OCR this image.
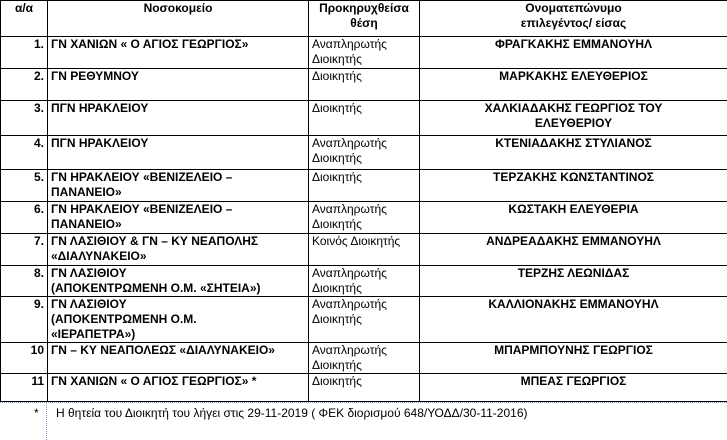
α/α	Νοσοκομείο	Προκηρυχθείσα
θέση	Ονοματεπώνυμο
επιλεγέντος/ είσας

1.	ΓΝ ΧΑΝΙΩΝ « Ο ΑΓΙΟΣ ΓΕΩΡΓΙΟΣ»	Αναπληρωτής
Διοικητής	ΦΡΑΓΚΑΚΗΣ ΕΜΜΑΝΟΥΗΛ

2.	ΓΝ ΡΕΘΥΜΝΟΥ	Διοικητής	ΜΑΡΚΑΚΗΣ ΕΛΕΥΘΕΡΙΟΣ

3.	ΠΓΝ ΗΡΑΚΛΕΙΟΥ	Διοικητής	ΧΑΛΚΙΑΔΑΚΗΣ ΓΕΩΡΓΙΟΣ ΤΟΥ
ΕΛΕΥΘΕΡΙΟΥ

4.	ΠΓΝ ΗΡΑΚΛΕΙΟΥ	Αναπληρωτής
Διοικητής	ΚΤΕΝΙΑΔΑΚΗΣ ΣΤΥΛΙΑΝΟΣ

5.	ΓΝ ΗΡΑΚΛΕΙΟΥ «ΒΕΝΙΖΕΛΕΙΟ –
ΠΑΝΑΝΕΙΟ»	Διοικητής	ΤΕΡΖΑΚΗΣ ΚΩΝΣΤΑΝΤΙΝΟΣ

6.	ΓΝ ΗΡΑΚΛΕΙΟΥ «ΒΕΝΙΖΕΛΕΙΟ –
ΠΑΝΑΝΕΙΟ»	Αναπληρωτής
Διοικητής	ΚΩΣΤΑΚΗ ΕΛΕΥΘΕΡΙΑ

7.	ΓΝ ΛΑΣΙΘΙΟΥ & ΓΝ – ΚΥ ΝΕΑΠΟΛΗΣ
«ΔΙΑΛΥΝΑΚΕΙΟ»	Κοινός Διοικητής	ΑΝΔΡΕΑΔΑΚΗΣ ΕΜΜΑΝΟΥΗΛ

8.	ΓΝ ΛΑΣΙΘΙΟΥ
(ΑΠΟΚΕΝΤΡΩΜΕΝΗ Ο.Μ. «ΣΗΤΕΙΑ»)	Αναπληρωτής
Διοικητής	ΤΕΡΖΗΣ ΛΕΩΝΙΔΑΣ

9.	ΓΝ ΛΑΣΙΘΙΟΥ
(ΑΠΟΚΕΝΤΡΩΜΕΝΗ Ο.Μ.
«ΙΕΡΑΠΕΤΡΑ»)	Αναπληρωτής
Διοικητής	ΚΑΛΛΙΟΝΑΚΗΣ ΕΜΜΑΝΟΥΗΛ

10	ΓΝ – ΚΥ ΝΕΑΠΟΛΕΩΣ «ΔΙΑΛΥΝΑΚΕΙΟ»	Αναπληρωτής
Διοικητής	ΜΠΑΡΜΠΟΥΝΗΣ ΓΕΩΡΓΙΟΣ

11	ΓΝ ΧΑΝΙΩΝ « Ο ΑΓΙΟΣ ΓΕΩΡΓΙΟΣ» *	Διοικητής	ΜΠΕΑΣ ΓΕΩΡΓΙΟΣ
* Η θητεία του Διοικητή του λήγει στις 29-11-2019 ( ΦΕΚ διορισμού 648/ΥΟΔΔ/30-11-2016)
